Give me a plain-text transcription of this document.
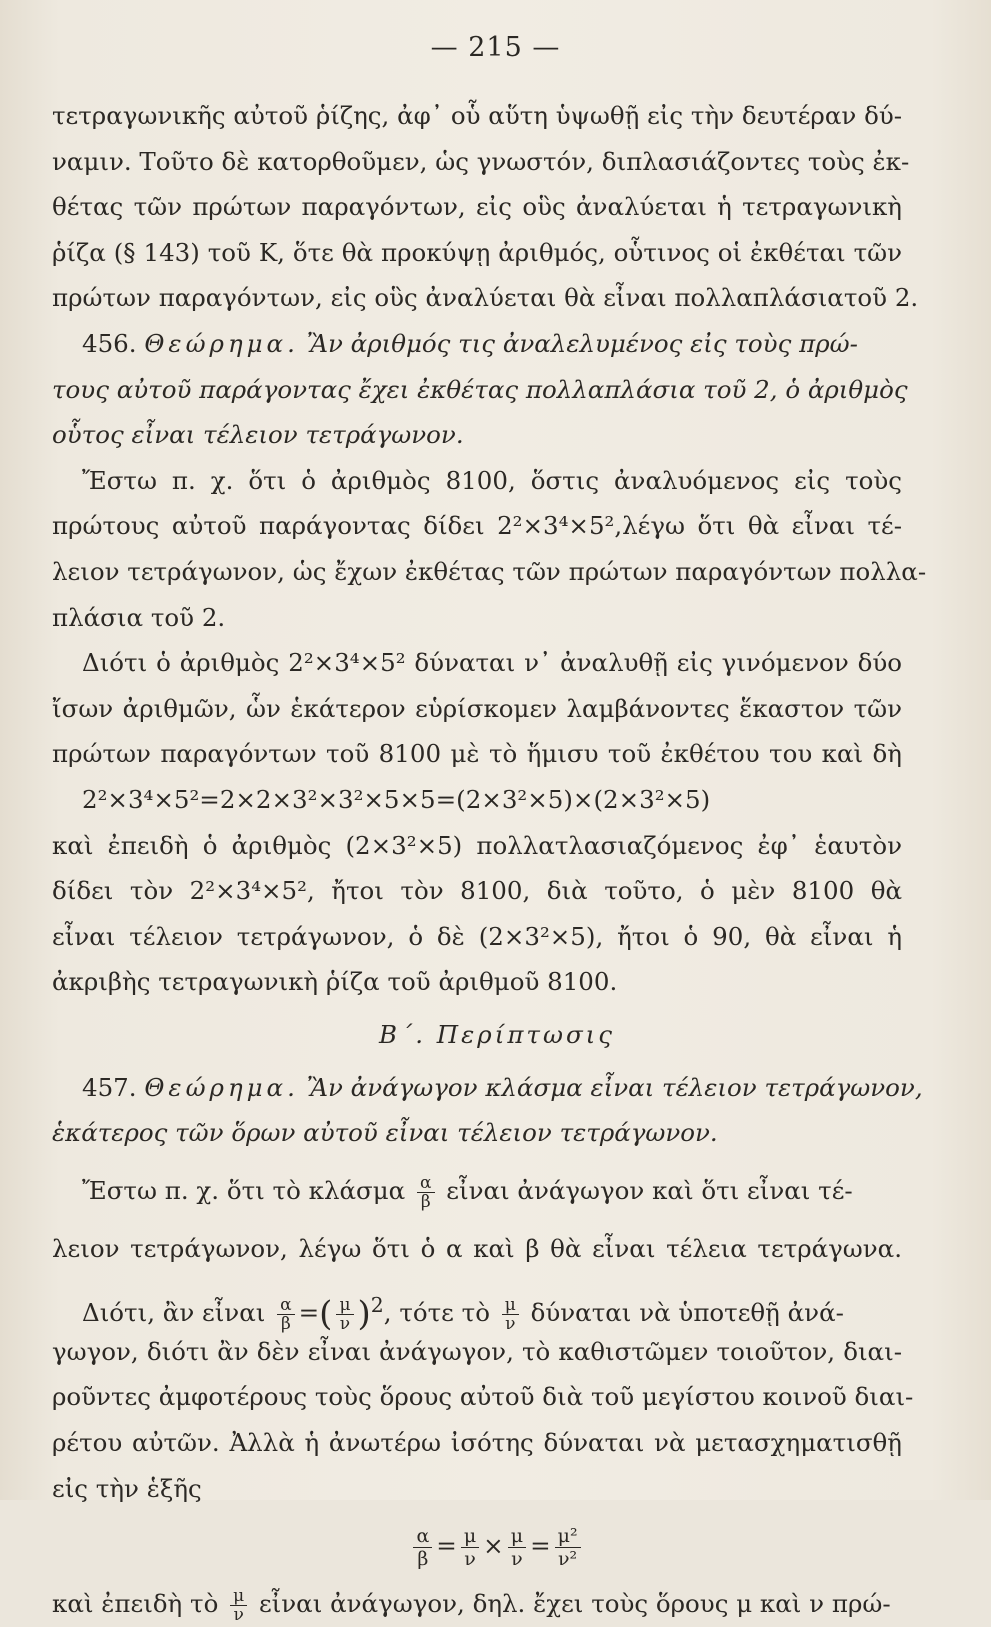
— 215 —
τετραγωνικῆς αὐτοῦ ῥίζης, ἀφ᾽ οὗ αὕτη ὑψωθῇ εἰς τὴν δευτέραν δύ-
ναμιν. Τοῦτο δὲ κατορθοῦμεν, ὡς γνωστόν, διπλασιάζοντες τοὺς ἐκ-
θέτας τῶν πρώτων παραγόντων, εἰς οὓς ἀναλύεται ἡ τετραγωνικὴ
ῥίζα (§ 143) τοῦ Κ, ὅτε θὰ προκύψῃ ἀριθμός, οὗτινος οἱ ἐκθέται τῶν
πρώτων παραγόντων, εἰς οὓς ἀναλύεται θὰ εἶναι πολλαπλάσιατοῦ 2.
456. Θεώρημα. Ἂν ἀριθμός τις ἀναλελυμένος εἰς τοὺς πρώ-
τους αὐτοῦ παράγοντας ἔχει ἐκθέτας πολλαπλάσια τοῦ 2, ὁ ἀριθμὸς
οὗτος εἶναι τέλειον τετράγωνον.
Ἔστω π. χ. ὅτι ὁ ἀριθμὸς 8100, ὅστις ἀναλυόμενος εἰς τοὺς
πρώτους αὐτοῦ παράγοντας δίδει 2²×3⁴×5²,λέγω ὅτι θὰ εἶναι τέ-
λειον τετράγωνον, ὡς ἔχων ἐκθέτας τῶν πρώτων παραγόντων πολλα-
πλάσια τοῦ 2.
Διότι ὁ ἀριθμὸς 2²×3⁴×5² δύναται ν᾽ ἀναλυθῇ εἰς γινόμενον δύο
ἴσων ἀριθμῶν, ὧν ἑκάτερον εὑρίσκομεν λαμβάνοντες ἕκαστον τῶν
πρώτων παραγόντων τοῦ 8100 μὲ τὸ ἥμισυ τοῦ ἐκθέτου του καὶ δὴ
2²×3⁴×5²=2×2×3²×3²×5×5=(2×3²×5)×(2×3²×5)
καὶ ἐπειδὴ ὁ ἀριθμὸς (2×3²×5) πολλατλασιαζόμενος ἐφ᾽ ἑαυτὸν
δίδει τὸν 2²×3⁴×5², ἤτοι τὸν 8100, διὰ τοῦτο, ὁ μὲν 8100 θὰ
εἶναι τέλειον τετράγωνον, ὁ δὲ (2×3²×5), ἤτοι ὁ 90, θὰ εἶναι ἡ
ἀκριβὴς τετραγωνικὴ ῥίζα τοῦ ἀριθμοῦ 8100.
Β΄. Περίπτωσις
457. Θεώρημα. Ἂν ἀνάγωγον κλάσμα εἶναι τέλειον τετράγωνον,
ἑκάτερος τῶν ὅρων αὐτοῦ εἶναι τέλειον τετράγωνον.
Ἔστω π. χ. ὅτι τὸ κλάσμα $\frac{\alpha}{\beta}$ εἶναι ἀνάγωγον καὶ ὅτι εἶναι τέ-
λειον τετράγωνον, λέγω ὅτι ὁ α καὶ β θὰ εἶναι τέλεια τετράγωνα.
Διότι, ἂν εἶναι $\frac{\alpha}{\beta}$ =( $\frac{\mu}{\nu} )^2$, τότε τὸ $\frac{\mu}{\nu}$ δύναται νὰ ὑποτεθῇ ἀνά-
γωγον, διότι ἂν δὲν εἶναι ἀνάγωγον, τὸ καθιστῶμεν τοιοῦτον, διαι-
ροῦντες ἀμφοτέρους τοὺς ὅρους αὐτοῦ διὰ τοῦ μεγίστου κοινοῦ διαι-
ρέτου αὐτῶν. Ἀλλὰ ἡ ἀνωτέρω ἰσότης δύναται νὰ μετασχηματισθῇ
εἰς τὴν ἑξῆς
$\frac{\alpha}{\beta} = \frac{\mu}{\nu} \times \frac{\mu}{\nu} = \frac{\text{μ²}}{\text{ν²}}$
καὶ ἐπειδὴ τὸ $\frac{\mu}{\nu}$ εἶναι ἀνάγωγον, δηλ. ἔχει τοὺς ὅρους μ καὶ ν πρώ-
